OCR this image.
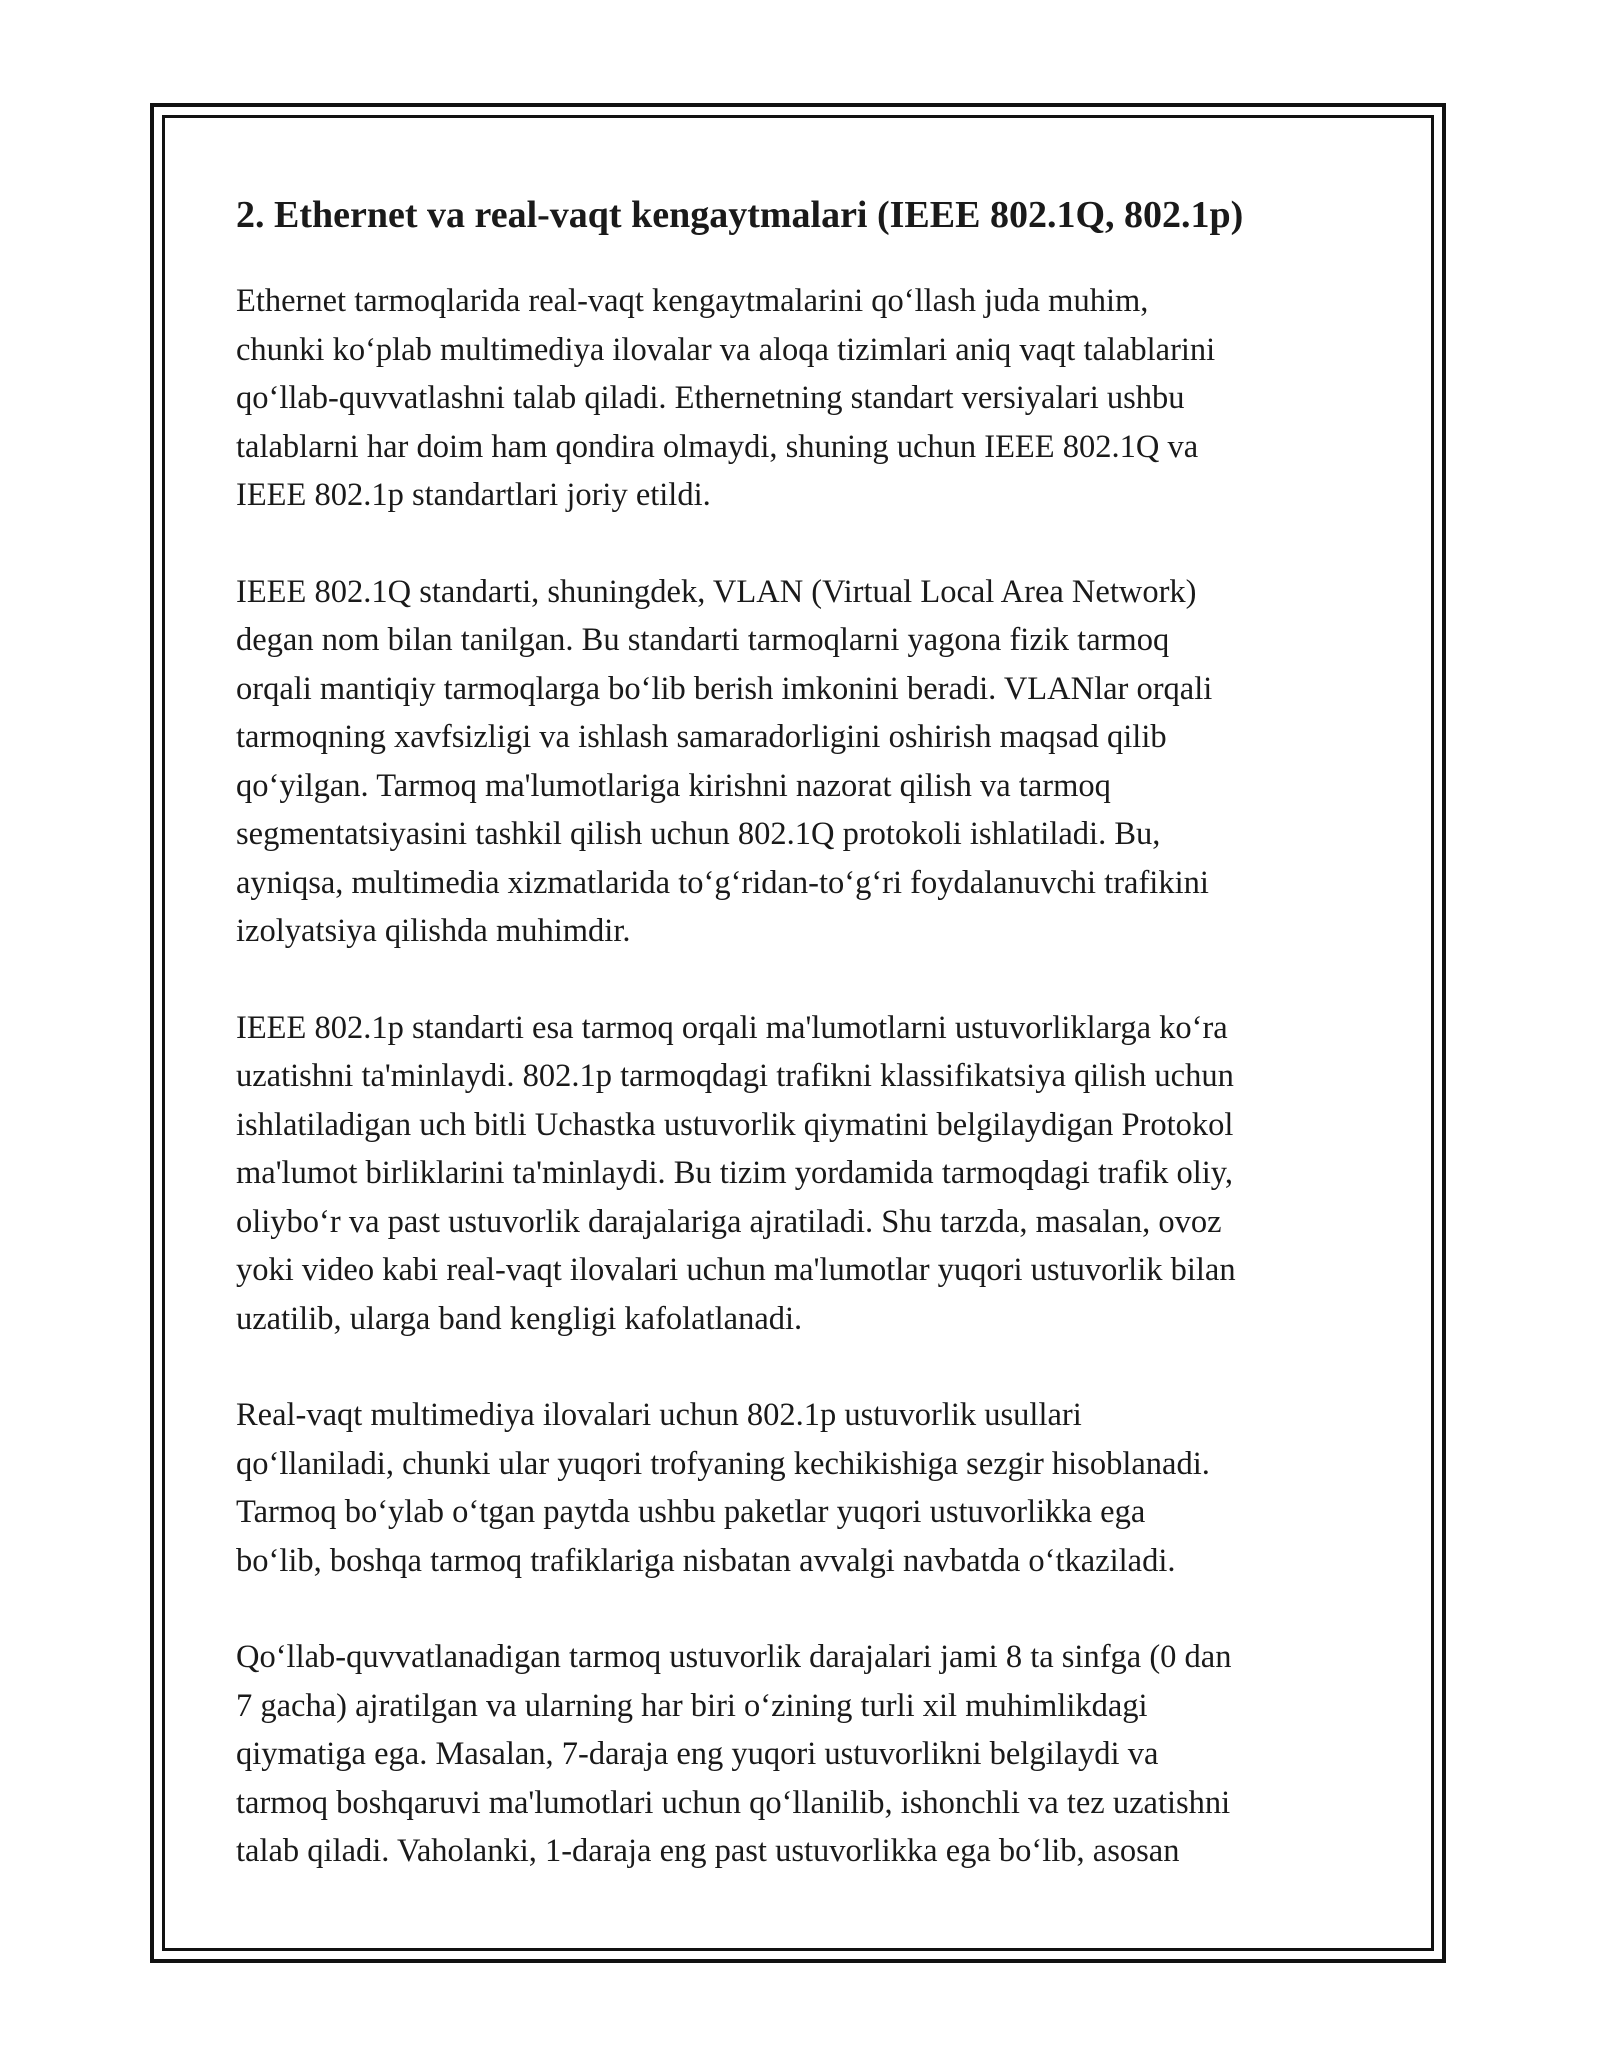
2. Ethernet va real-vaqt kengaytmalari (IEEE 802.1Q, 802.1p)

Ethernet tarmoqlarida real-vaqt kengaytmalarini qo‘llash juda muhim,
chunki ko‘plab multimediya ilovalar va aloqa tizimlari aniq vaqt talablarini
qo‘llab-quvvatlashni talab qiladi. Ethernetning standart versiyalari ushbu
talablarni har doim ham qondira olmaydi, shuning uchun IEEE 802.1Q va
IEEE 802.1p standartlari joriy etildi.

IEEE 802.1Q standarti, shuningdek, VLAN (Virtual Local Area Network)
degan nom bilan tanilgan. Bu standarti tarmoqlarni yagona fizik tarmoq
orqali mantiqiy tarmoqlarga bo‘lib berish imkonini beradi. VLANlar orqali
tarmoqning xavfsizligi va ishlash samaradorligini oshirish maqsad qilib
qo‘yilgan. Tarmoq ma'lumotlariga kirishni nazorat qilish va tarmoq
segmentatsiyasini tashkil qilish uchun 802.1Q protokoli ishlatiladi. Bu,
ayniqsa, multimedia xizmatlarida to‘g‘ridan-to‘g‘ri foydalanuvchi trafikini
izolyatsiya qilishda muhimdir.

IEEE 802.1p standarti esa tarmoq orqali ma'lumotlarni ustuvorliklarga ko‘ra
uzatishni ta'minlaydi. 802.1p tarmoqdagi trafikni klassifikatsiya qilish uchun
ishlatiladigan uch bitli Uchastka ustuvorlik qiymatini belgilaydigan Protokol
ma'lumot birliklarini ta'minlaydi. Bu tizim yordamida tarmoqdagi trafik oliy,
oliybo‘r va past ustuvorlik darajalariga ajratiladi. Shu tarzda, masalan, ovoz
yoki video kabi real-vaqt ilovalari uchun ma'lumotlar yuqori ustuvorlik bilan
uzatilib, ularga band kengligi kafolatlanadi.

Real-vaqt multimediya ilovalari uchun 802.1p ustuvorlik usullari
qo‘llaniladi, chunki ular yuqori trofyaning kechikishiga sezgir hisoblanadi.
Tarmoq bo‘ylab o‘tgan paytda ushbu paketlar yuqori ustuvorlikka ega
bo‘lib, boshqa tarmoq trafiklariga nisbatan avvalgi navbatda o‘tkaziladi.

Qo‘llab-quvvatlanadigan tarmoq ustuvorlik darajalari jami 8 ta sinfga (0 dan
7 gacha) ajratilgan va ularning har biri o‘zining turli xil muhimlikdagi
qiymatiga ega. Masalan, 7-daraja eng yuqori ustuvorlikni belgilaydi va
tarmoq boshqaruvi ma'lumotlari uchun qo‘llanilib, ishonchli va tez uzatishni
talab qiladi. Vaholanki, 1-daraja eng past ustuvorlikka ega bo‘lib, asosan
